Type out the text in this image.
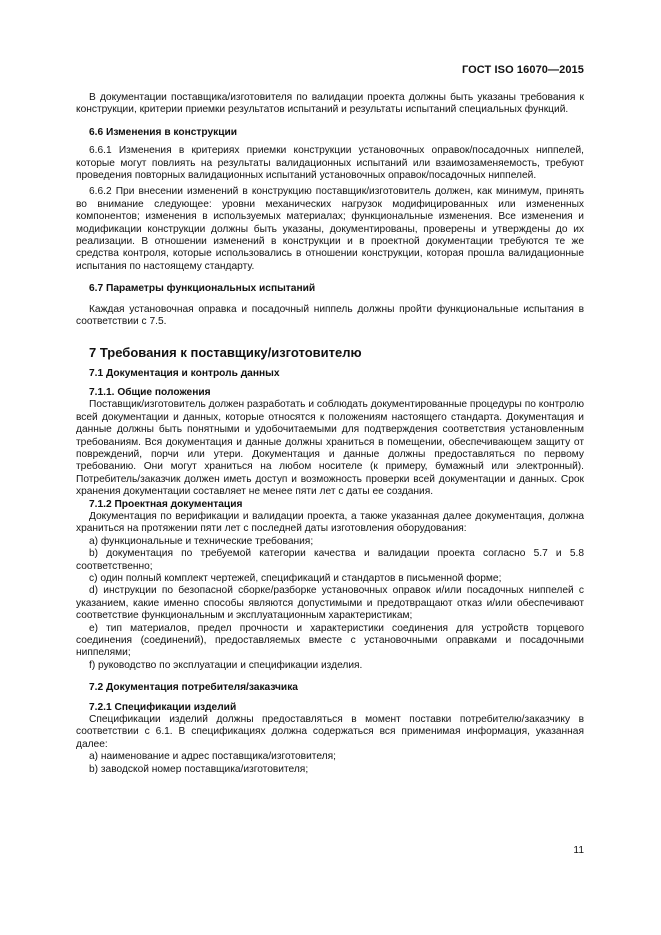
ГОСТ ISO 16070—2015

В документации поставщика/изготовителя по валидации проекта должны быть указаны требования к конструкции, критерии приемки результатов испытаний и результаты испытаний специальных функций.

6.6 Изменения в конструкции

6.6.1 Изменения в критериях приемки конструкции установочных оправок/посадочных ниппелей, которые могут повлиять на результаты валидационных испытаний или взаимозаменяемость, требуют проведения повторных валидационных испытаний установочных оправок/посадочных ниппелей.

6.6.2 При внесении изменений в конструкцию поставщик/изготовитель должен, как минимум, принять во внимание следующее: уровни механических нагрузок модифицированных или измененных компонентов; изменения в используемых материалах; функциональные изменения. Все изменения и модификации конструкции должны быть указаны, документированы, проверены и утверждены до их реализации. В отношении изменений в конструкции и в проектной документации требуются те же средства контроля, которые использовались в отношении конструкции, которая прошла валидационные испытания по настоящему стандарту.

6.7 Параметры функциональных испытаний

Каждая установочная оправка и посадочный ниппель должны пройти функциональные испытания в соответствии с 7.5.

7 Требования к поставщику/изготовителю

7.1 Документация и контроль данных

7.1.1. Общие положения

Поставщик/изготовитель должен разработать и соблюдать документированные процедуры по контролю всей документации и данных, которые относятся к положениям настоящего стандарта. Документация и данные должны быть понятными и удобочитаемыми для подтверждения соответствия установленным требованиям. Вся документация и данные должны храниться в помещении, обеспечивающем защиту от повреждений, порчи или утери. Документация и данные должны предоставляться по первому требованию. Они могут храниться на любом носителе (к примеру, бумажный или электронный). Потребитель/заказчик должен иметь доступ и возможность проверки всей документации и данных. Срок хранения документации составляет не менее пяти лет с даты ее создания.

7.1.2 Проектная документация

Документация по верификации и валидации проекта, а также указанная далее документация, должна храниться на протяжении пяти лет с последней даты изготовления оборудования:

a) функциональные и технические требования;

b) документация по требуемой категории качества и валидации проекта согласно 5.7 и 5.8 соответственно;

c) один полный комплект чертежей, спецификаций и стандартов в письменной форме;

d) инструкции по безопасной сборке/разборке установочных оправок и/или посадочных ниппелей с указанием, какие именно способы являются допустимыми и предотвращают отказ и/или обеспечивают соответствие функциональным и эксплуатационным характеристикам;

e) тип материалов, предел прочности и характеристики соединения для устройств торцевого соединения (соединений), предоставляемых вместе с установочными оправками и посадочными ниппелями;

f) руководство по эксплуатации и спецификации изделия.

7.2 Документация потребителя/заказчика

7.2.1 Спецификации изделий

Спецификации изделий должны предоставляться в момент поставки потребителю/заказчику в соответствии с 6.1. В спецификациях должна содержаться вся применимая информация, указанная далее:

a) наименование и адрес поставщика/изготовителя;

b) заводской номер поставщика/изготовителя;

11
